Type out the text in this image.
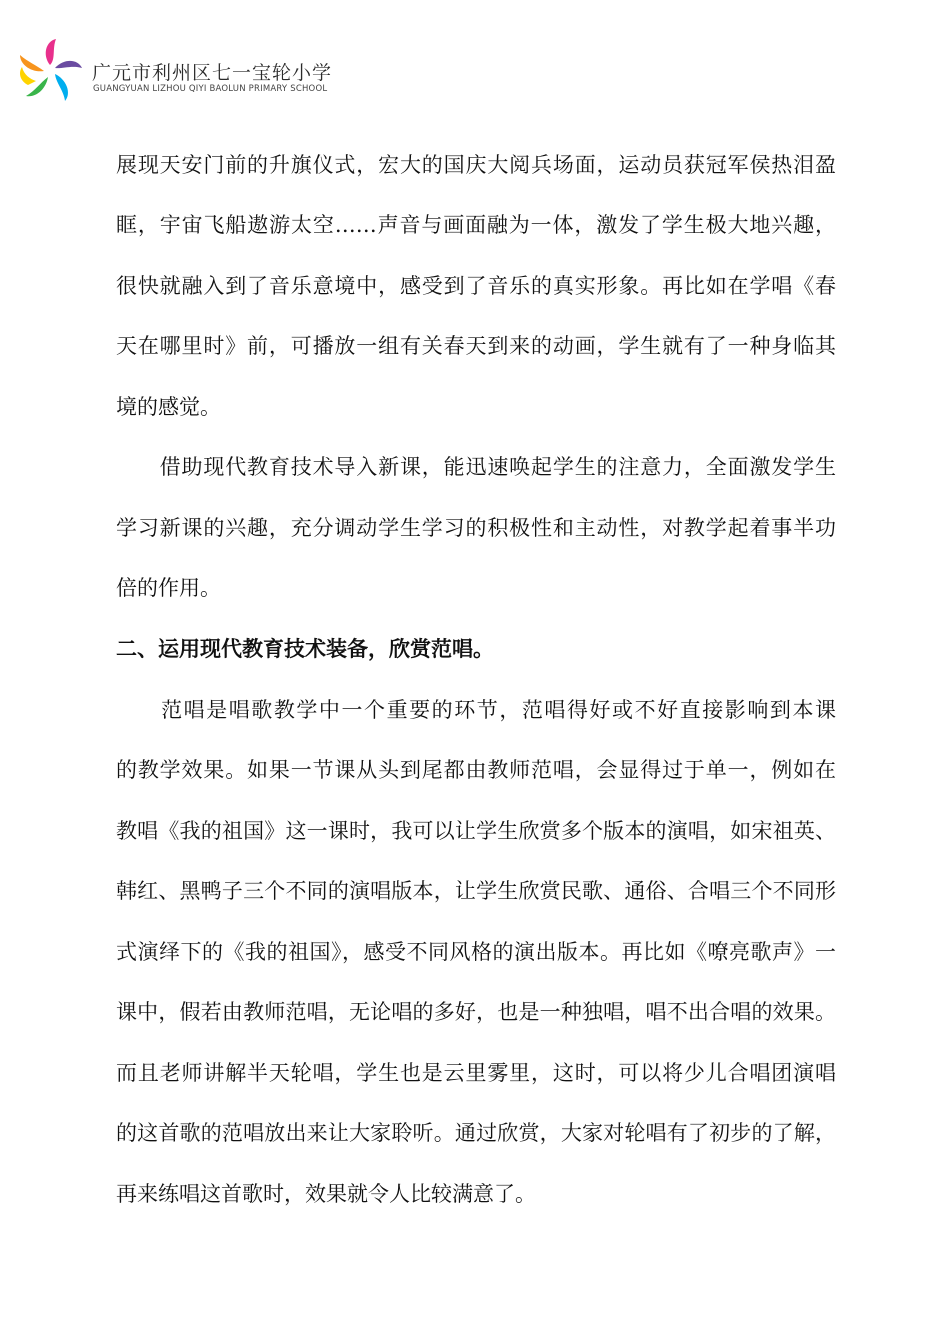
广元市利州区七一宝轮小学
GUANGYUAN LIZHOU QIYI BAOLUN PRIMARY SCHOOL
展现天安门前的升旗仪式，宏大的国庆大阅兵场面，运动员获冠军侯热泪盈
眶，宇宙飞船遨游太空……声音与画面融为一体，激发了学生极大地兴趣，
很快就融入到了音乐意境中，感受到了音乐的真实形象。再比如在学唱《春
天在哪里时》前，可播放一组有关春天到来的动画，学生就有了一种身临其
境的感觉。
　　借助现代教育技术导入新课，能迅速唤起学生的注意力，全面激发学生
学习新课的兴趣，充分调动学生学习的积极性和主动性，对教学起着事半功
倍的作用。
二、运用现代教育技术装备，欣赏范唱。
　　范唱是唱歌教学中一个重要的环节，范唱得好或不好直接影响到本课
的教学效果。如果一节课从头到尾都由教师范唱，会显得过于单一，例如在
教唱《我的祖国》这一课时，我可以让学生欣赏多个版本的演唱，如宋祖英、
韩红、黑鸭子三个不同的演唱版本，让学生欣赏民歌、通俗、合唱三个不同形
式演绎下的《我的祖国》，感受不同风格的演出版本。再比如《嘹亮歌声》一
课中，假若由教师范唱，无论唱的多好，也是一种独唱，唱不出合唱的效果。
而且老师讲解半天轮唱，学生也是云里雾里，这时，可以将少儿合唱团演唱
的这首歌的范唱放出来让大家聆听。通过欣赏，大家对轮唱有了初步的了解，
再来练唱这首歌时，效果就令人比较满意了。
